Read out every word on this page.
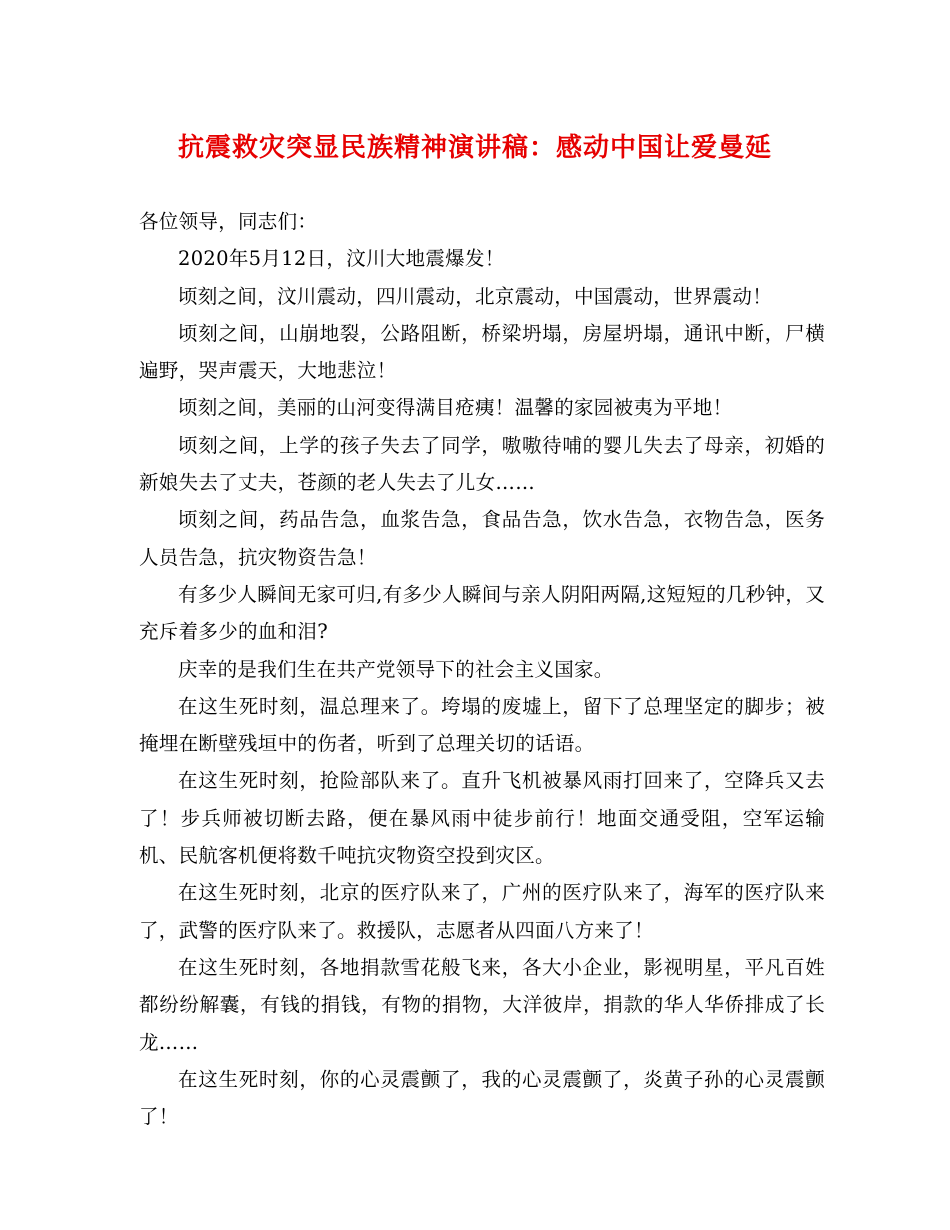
抗震救灾突显民族精神演讲稿：感动中国让爱曼延

各位领导，同志们：

2020年5月12日，汶川大地震爆发！

顷刻之间，汶川震动，四川震动，北京震动，中国震动，世界震动！

顷刻之间，山崩地裂，公路阻断，桥梁坍塌，房屋坍塌，通讯中断，尸横遍野，哭声震天，大地悲泣！

顷刻之间，美丽的山河变得满目疮痍！温馨的家园被夷为平地！

顷刻之间，上学的孩子失去了同学，嗷嗷待哺的婴儿失去了母亲，初婚的新娘失去了丈夫，苍颜的老人失去了儿女……

顷刻之间，药品告急，血浆告急，食品告急，饮水告急，衣物告急，医务人员告急，抗灾物资告急！

有多少人瞬间无家可归,有多少人瞬间与亲人阴阳两隔,这短短的几秒钟，又充斥着多少的血和泪?

庆幸的是我们生在共产党领导下的社会主义国家。

在这生死时刻，温总理来了。垮塌的废墟上，留下了总理坚定的脚步；被掩埋在断壁残垣中的伤者，听到了总理关切的话语。

在这生死时刻，抢险部队来了。直升飞机被暴风雨打回来了，空降兵又去了！步兵师被切断去路，便在暴风雨中徒步前行！地面交通受阻，空军运输机、民航客机便将数千吨抗灾物资空投到灾区。

在这生死时刻，北京的医疗队来了，广州的医疗队来了，海军的医疗队来了，武警的医疗队来了。救援队，志愿者从四面八方来了！

在这生死时刻，各地捐款雪花般飞来，各大小企业，影视明星，平凡百姓都纷纷解囊，有钱的捐钱，有物的捐物，大洋彼岸，捐款的华人华侨排成了长龙……

在这生死时刻，你的心灵震颤了，我的心灵震颤了，炎黄子孙的心灵震颤了！
